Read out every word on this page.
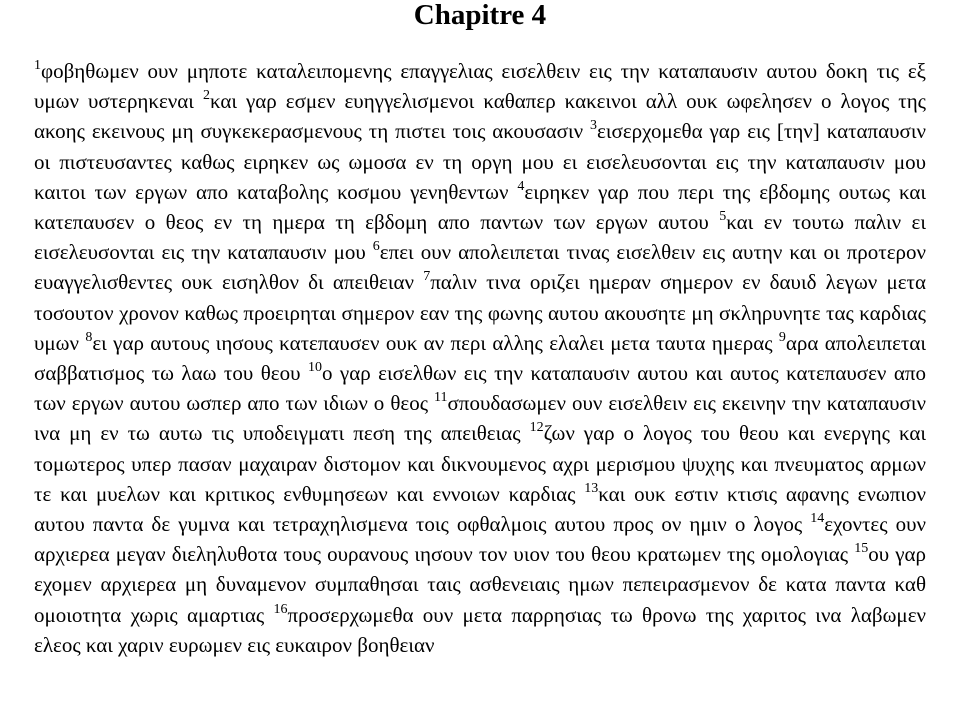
Chapitre 4
$^1$φοβηθωμεν ουν μηποτε καταλειπομενης επαγγελιας εισελθειν εις την καταπαυσιν αυτου δοκη τις εξ υμων υστερηκεναι $^2$και γαρ εσμεν ευηγγελισμενοι καθαπερ κακεινοι αλλ ουκ ωφελησεν ο λογος της ακοης εκεινους μη συγκεκερασμενους τη πιστει τοις ακουσασιν $^3$εισερχομεθα γαρ εις [την] καταπαυσιν οι πιστευσαντες καθως ειρηκεν ως ωμοσα εν τη οργη μου ει εισελευσονται εις την καταπαυσιν μου καιτοι των εργων απο καταβολης κοσμου γενηθεντων $^4$ειρηκεν γαρ που περι της εβδομης ουτως και κατεπαυσεν ο θεος εν τη ημερα τη εβδομη απο παντων των εργων αυτου $^5$και εν τουτω παλιν ει εισελευσονται εις την καταπαυσιν μου $^6$επει ουν απολειπεται τινας εισελθειν εις αυτην και οι προτερον ευαγγελισθεντες ουκ εισηλθον δι απειθειαν $^7$παλιν τινα οριζει ημεραν σημερον εν δαυιδ λεγων μετα τοσουτον χρονον καθως προειρηται σημερον εαν της φωνης αυτου ακουσητε μη σκληρυνητε τας καρδιας υμων $^8$ει γαρ αυτους ιησους κατεπαυσεν ουκ αν περι αλλης ελαλει μετα ταυτα ημερας $^9$αρα απολειπεται σαββατισμος τω λαω του θεου $^{10}$ο γαρ εισελθων εις την καταπαυσιν αυτου και αυτος κατεπαυσεν απο των εργων αυτου ωσπερ απο των ιδιων ο θεος $^{11}$σπουδασωμεν ουν εισελθειν εις εκεινην την καταπαυσιν ινα μη εν τω αυτω τις υποδειγματι πεση της απειθειας $^{12}$ζων γαρ ο λογος του θεου και ενεργης και τομωτερος υπερ πασαν μαχαιραν διστομον και δικνουμενος αχρι μερισμου ψυχης και πνευματος αρμων τε και μυελων και κριτικος ενθυμησεων και εννοιων καρδιας $^{13}$και ουκ εστιν κτισις αφανης ενωπιον αυτου παντα δε γυμνα και τετραχηλισμενα τοις οφθαλμοις αυτου προς ον ημιν ο λογος $^{14}$εχοντες ουν αρχιερεα μεγαν διεληλυθοτα τους ουρανους ιησουν τον υιον του θεου κρατωμεν της ομολογιας $^{15}$ου γαρ εχομεν αρχιερεα μη δυναμενον συμπαθησαι ταις ασθενειαις ημων πεπειρασμενον δε κατα παντα καθ ομοιοτητα χωρις αμαρτιας $^{16}$προσερχωμεθα ουν μετα παρρησιας τω θρονω της χαριτος ινα λαβωμεν ελεος και χαριν ευρωμεν εις ευκαιρον βοηθειαν
